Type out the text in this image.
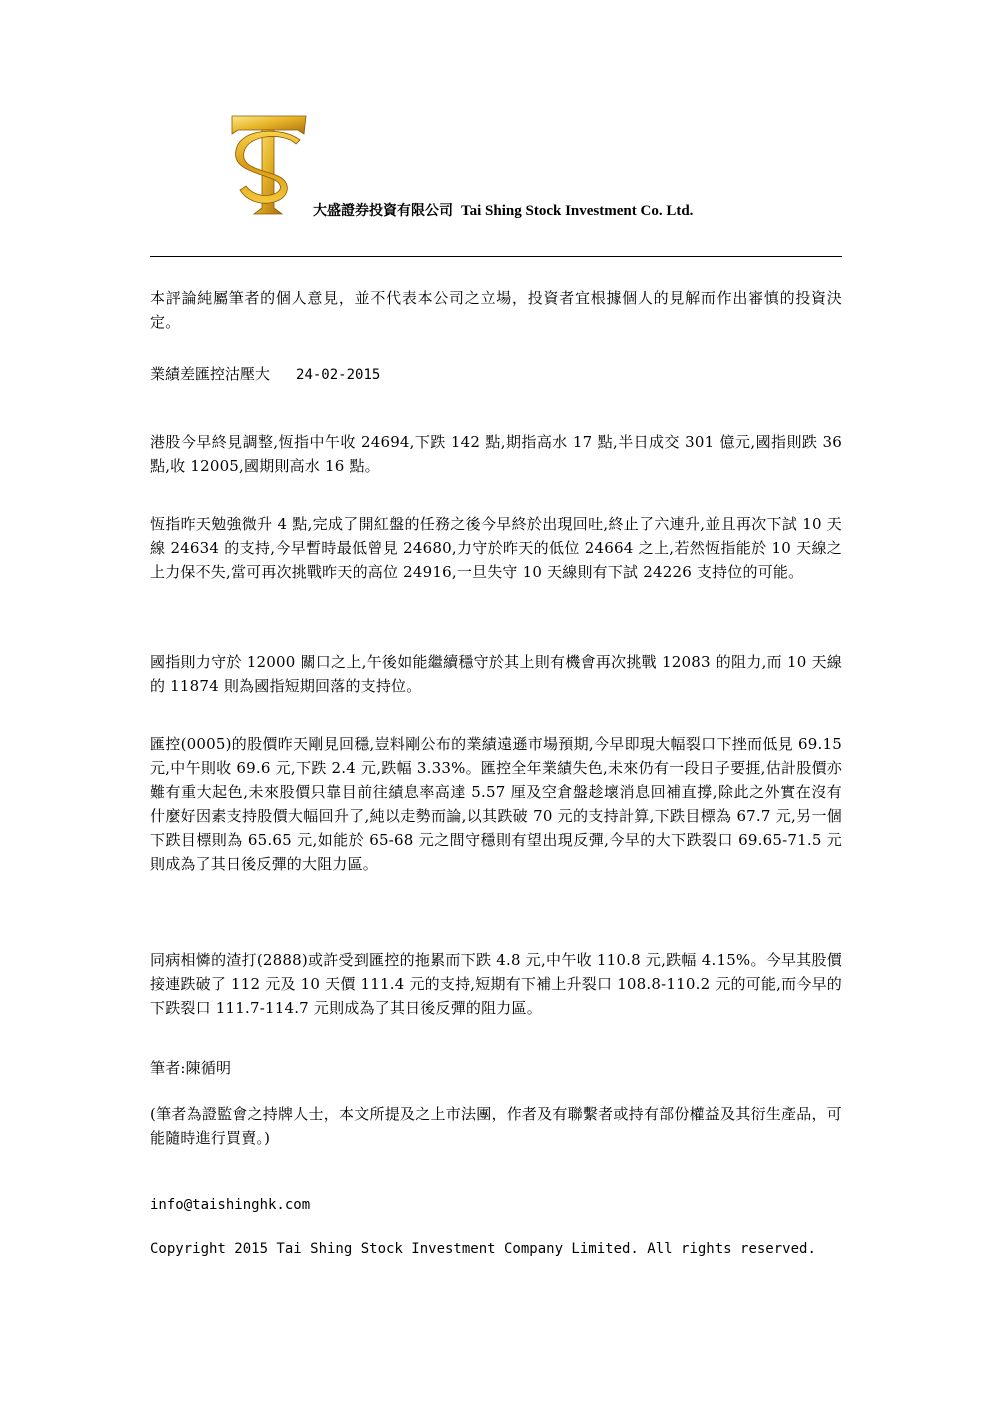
大盛證券投資有限公司 Tai Shing Stock Investment Co. Ltd.
本評論純屬筆者的個人意見，並不代表本公司之立場，投資者宜根據個人的見解而作出審慎的投資決定。
業績差匯控沽壓大 24-02-2015
港股今早終見調整,恆指中午收 24694,下跌 142 點,期指高水 17 點,半日成交 301 億元,國指則跌 36 點,收 12005,國期則高水 16 點。
恆指昨天勉強微升 4 點,完成了開紅盤的任務之後今早終於出現回吐,終止了六連升,並且再次下試 10 天線 24634 的支持,今早暫時最低曾見 24680,力守於昨天的低位 24664 之上,若然恆指能於 10 天線之上力保不失,當可再次挑戰昨天的高位 24916,一旦失守 10 天線則有下試 24226 支持位的可能。
國指則力守於 12000 關口之上,午後如能繼續穩守於其上則有機會再次挑戰 12083 的阻力,而 10 天線的 11874 則為國指短期回落的支持位。
匯控(0005)的股價昨天剛見回穩,豈料剛公布的業績遠遜市場預期,今早即現大幅裂口下挫而低見 69.15 元,中午則收 69.6 元,下跌 2.4 元,跌幅 3.33%。匯控全年業績失色,未來仍有一段日子要捱,估計股價亦難有重大起色,未來股價只靠目前往績息率高達 5.57 厘及空倉盤趁壞消息回補直撐,除此之外實在沒有什麼好因素支持股價大幅回升了,純以走勢而論,以其跌破 70 元的支持計算,下跌目標為 67.7 元,另一個下跌目標則為 65.65 元,如能於 65-68 元之間守穩則有望出現反彈,今早的大下跌裂口 69.65-71.5 元則成為了其日後反彈的大阻力區。
同病相憐的渣打(2888)或許受到匯控的拖累而下跌 4.8 元,中午收 110.8 元,跌幅 4.15%。今早其股價接連跌破了 112 元及 10 天價 111.4 元的支持,短期有下補上升裂口 108.8-110.2 元的可能,而今早的下跌裂口 111.7-114.7 元則成為了其日後反彈的阻力區。
筆者:陳循明
(筆者為證監會之持牌人士，本文所提及之上市法團，作者及有聯繫者或持有部份權益及其衍生產品，可能隨時進行買賣。)
info@taishinghk.com
Copyright 2015 Tai Shing Stock Investment Company Limited. All rights reserved.
